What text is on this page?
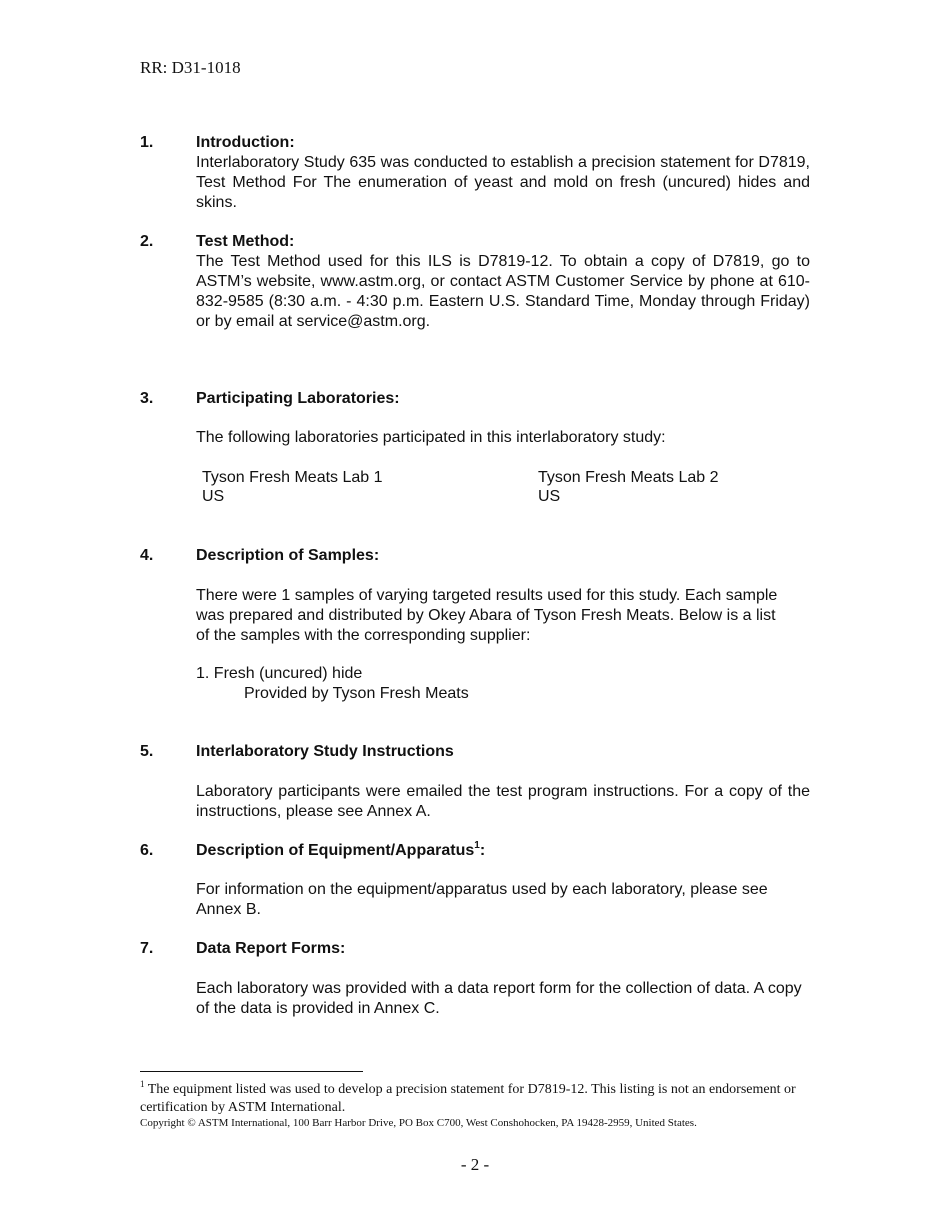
RR: D31-1018
1.	Introduction:
Interlaboratory Study 635 was conducted to establish a precision statement for D7819, Test Method For The enumeration of yeast and mold on fresh (uncured) hides and skins.
2.	Test Method:
The Test Method used for this ILS is D7819-12. To obtain a copy of D7819, go to ASTM’s website, www.astm.org, or contact ASTM Customer Service by phone at 610-832-9585 (8:30 a.m. - 4:30 p.m. Eastern U.S. Standard Time, Monday through Friday) or by email at service@astm.org.
3.	Participating Laboratories:
The following laboratories participated in this interlaboratory study:
Tyson Fresh Meats Lab 1
US
Tyson Fresh Meats Lab 2
US
4.	Description of Samples:
There were 1 samples of varying targeted results used for this study. Each sample was prepared and distributed by Okey Abara of Tyson Fresh Meats. Below is a list of the samples with the corresponding supplier:
1. Fresh (uncured) hide
Provided by Tyson Fresh Meats
5.	Interlaboratory Study Instructions
Laboratory participants were emailed the test program instructions. For a copy of the instructions, please see Annex A.
6.	Description of Equipment/Apparatus$^1$:
For information on the equipment/apparatus used by each laboratory, please see Annex B.
7.	Data Report Forms:
Each laboratory was provided with a data report form for the collection of data. A copy of the data is provided in Annex C.
$^1$ The equipment listed was used to develop a precision statement for D7819-12. This listing is not an endorsement or certification by ASTM International.
Copyright © ASTM International, 100 Barr Harbor Drive, PO Box C700, West Conshohocken, PA 19428-2959, United States.
- 2 -
